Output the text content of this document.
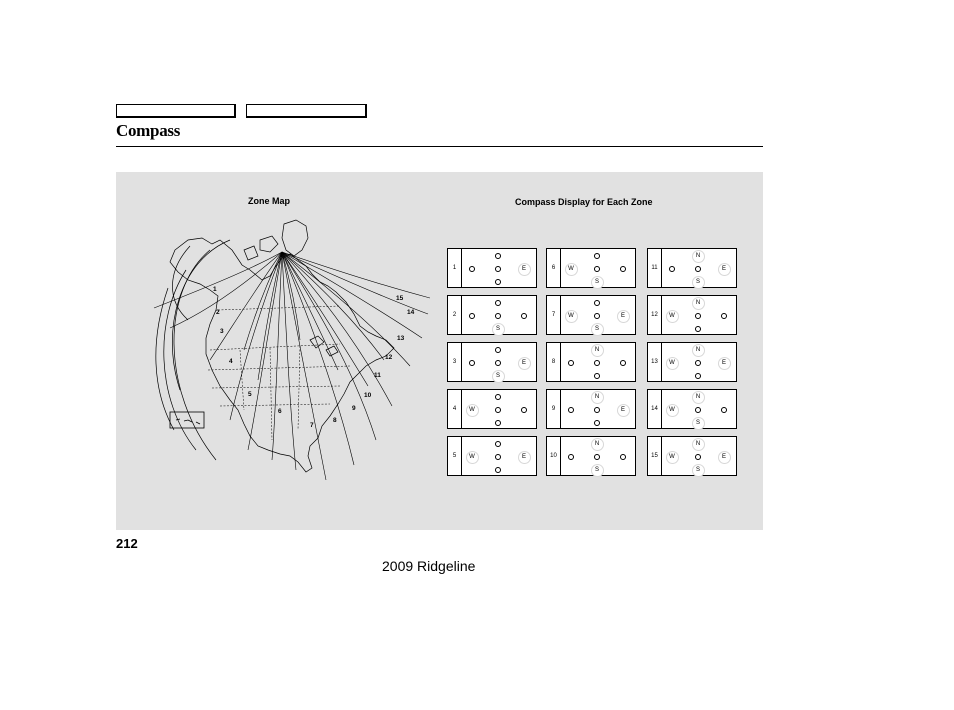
Compass
Zone Map	Compass Display for Each Zone
1
2
3
4
5
6
7
8
9
10
11
12
13
14
15
1	E
2
S
3	E
S
4	W
5	W	E
6	W
S
7	W	E
S
8
N
9
N
E
10
N
S
11
N
E
S
12
N
W
13
N
W	E
14
N
W
S
15
N
W	E
S
212
2009 Ridgeline
